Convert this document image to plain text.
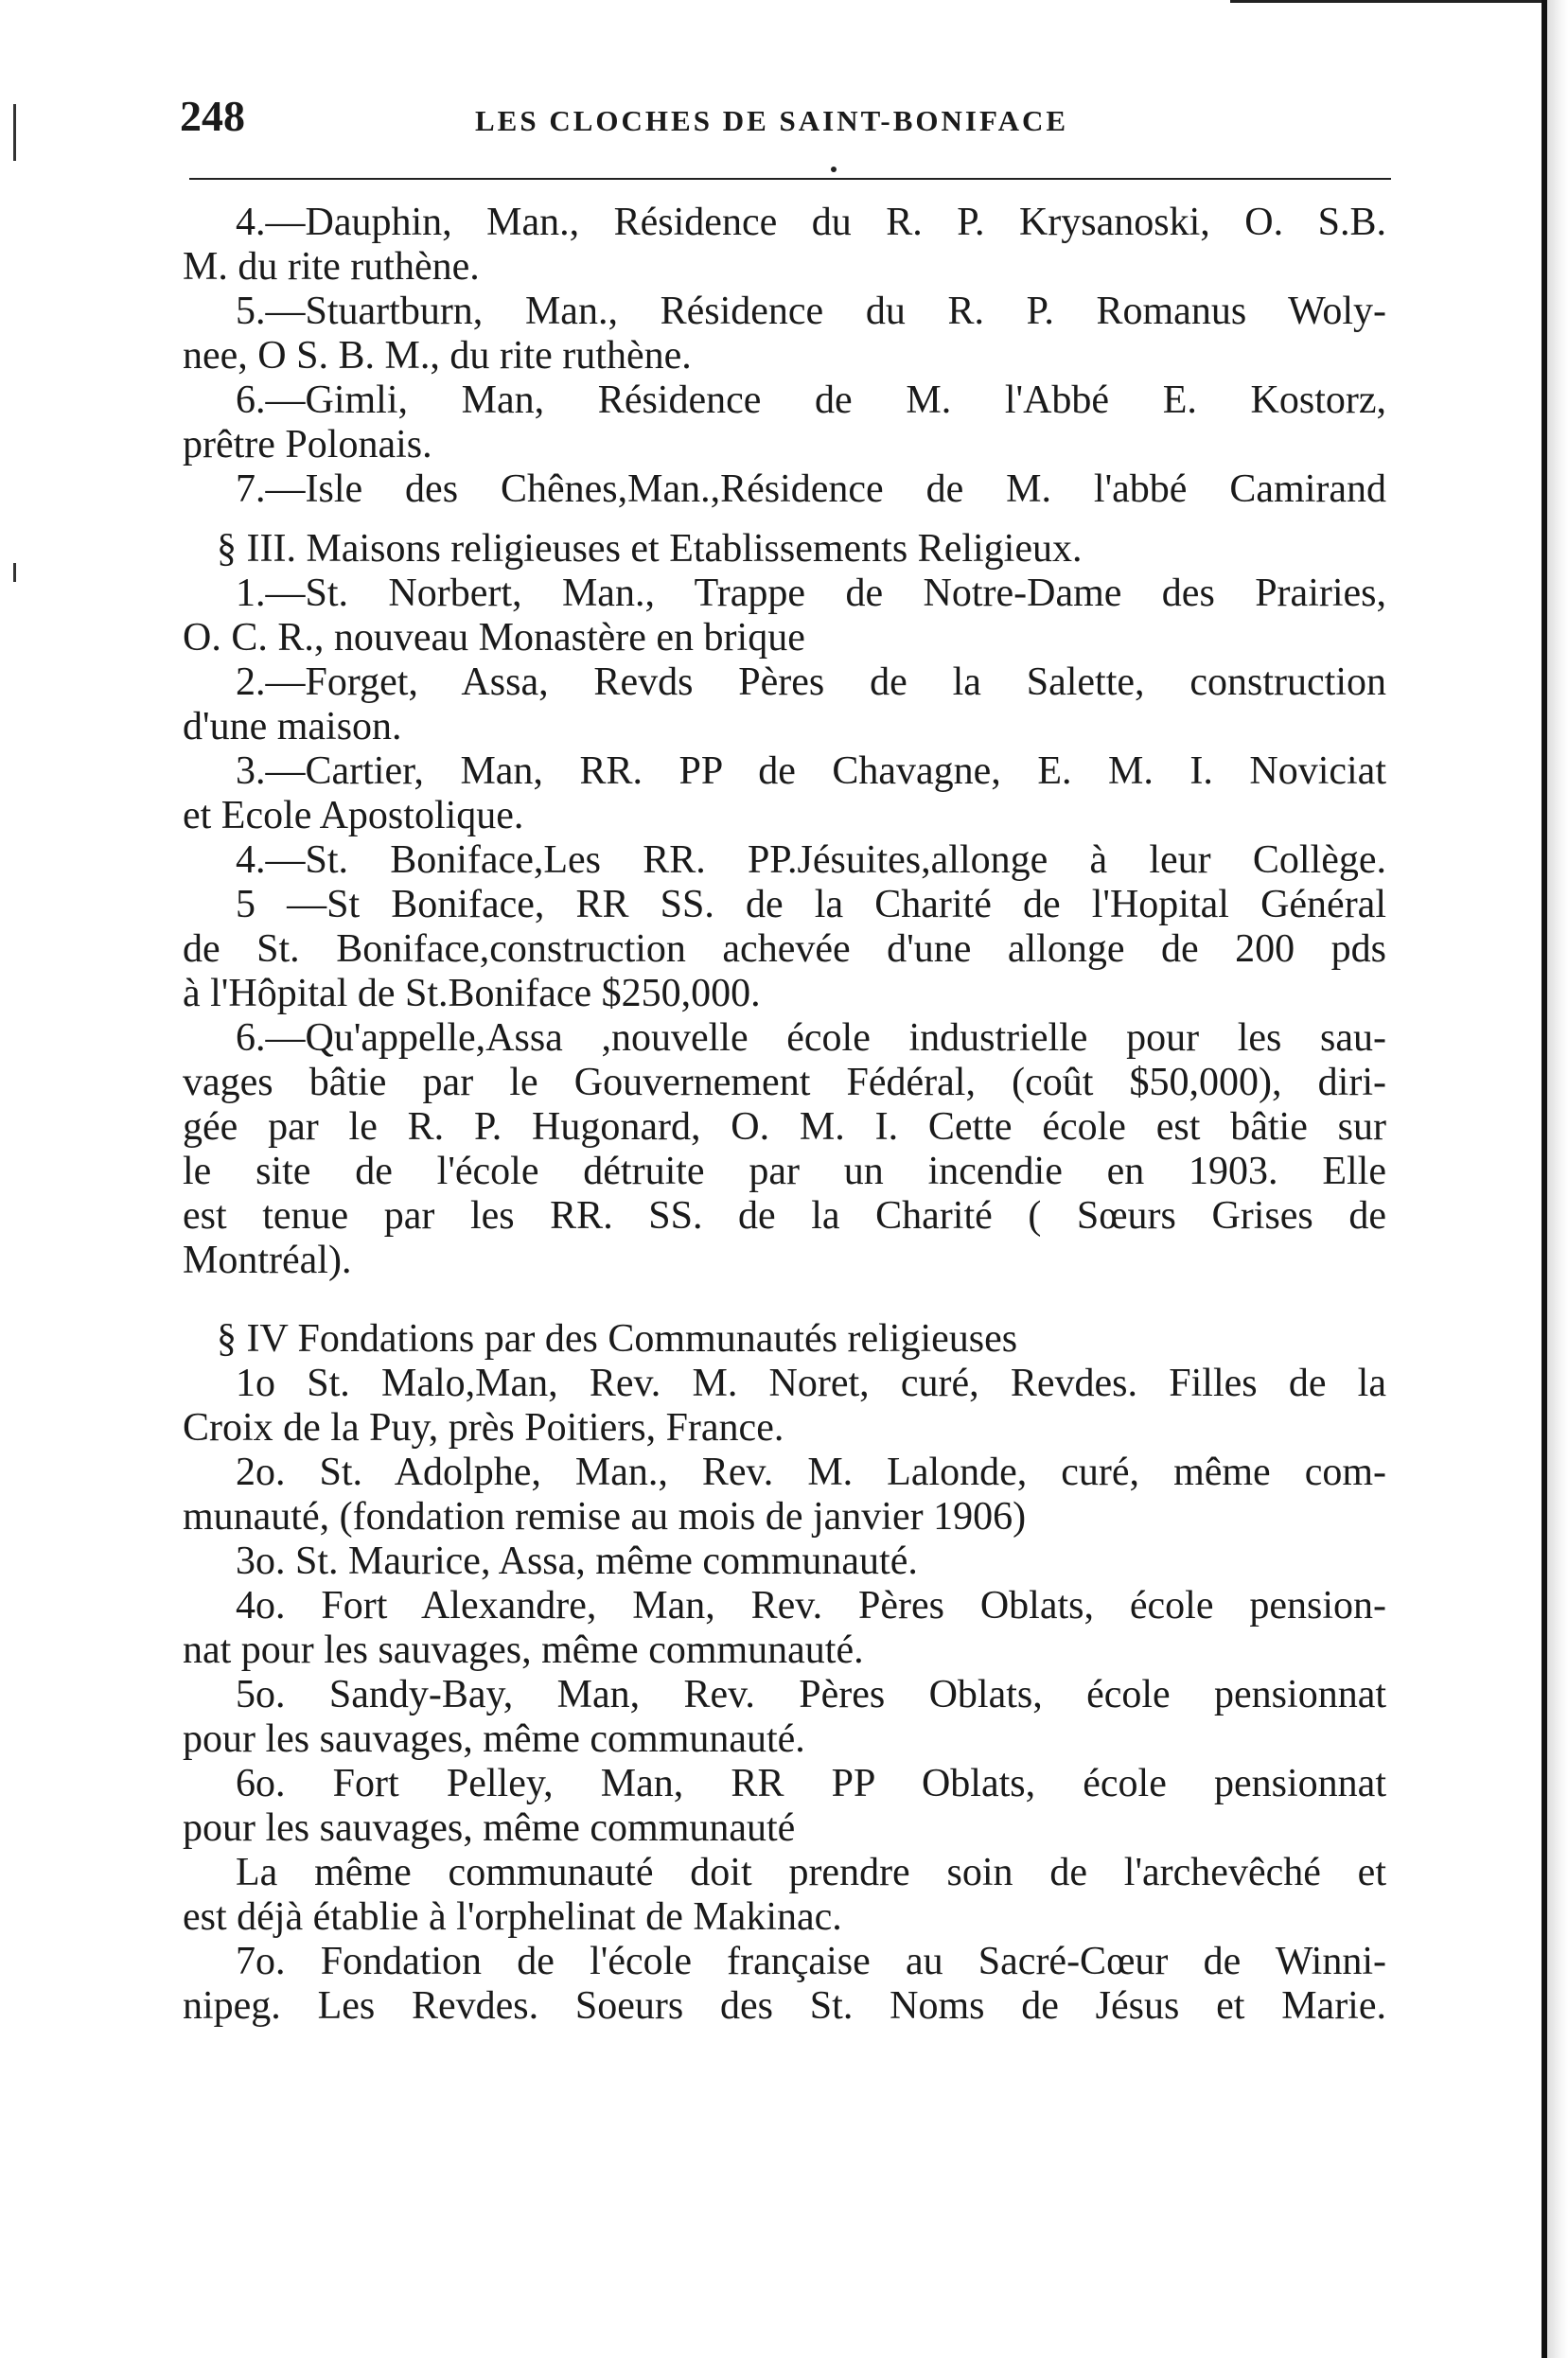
248	LES CLOCHES DE SAINT-BONIFACE
4.—Dauphin, Man., Résidence du R. P. Krysanoski, O. S.B.
M. du rite ruthène.
5.—Stuartburn, Man., Résidence du R. P. Romanus Woly-
nee, O S. B. M., du rite ruthène.
6.—Gimli, Man, Résidence de M. l'Abbé E. Kostorz,
prêtre Polonais.
7.—Isle des Chênes,Man.,Résidence de M. l'abbé Camirand
§ III. Maisons religieuses et Etablissements Religieux.
1.—St. Norbert, Man., Trappe de Notre-Dame des Prairies,
O. C. R., nouveau Monastère en brique
2.—Forget, Assa, Revds Pères de la Salette, construction
d'une maison.
3.—Cartier, Man, RR. PP de Chavagne, E. M. I. Noviciat
et Ecole Apostolique.
4.—St. Boniface,Les RR. PP.Jésuites,allonge à leur Collège.
5 —St Boniface, RR SS. de la Charité de l'Hopital Général
de St. Boniface,construction achevée d'une allonge de 200 pds
à l'Hôpital de St.Boniface $250,000.
6.—Qu'appelle,Assa ,nouvelle école industrielle pour les sau-
vages bâtie par le Gouvernement Fédéral, (coût $50,000), diri-
gée par le R. P. Hugonard, O. M. I. Cette école est bâtie sur
le site de l'école détruite par un incendie en 1903. Elle
est tenue par les RR. SS. de la Charité ( Sœurs Grises de
Montréal).
§ IV Fondations par des Communautés religieuses
1o St. Malo,Man, Rev. M. Noret, curé, Revdes. Filles de la
Croix de la Puy, près Poitiers, France.
2o. St. Adolphe, Man., Rev. M. Lalonde, curé, même com-
munauté, (fondation remise au mois de janvier 1906)
3o. St. Maurice, Assa, même communauté.
4o. Fort Alexandre, Man, Rev. Pères Oblats, école pension-
nat pour les sauvages, même communauté.
5o. Sandy-Bay, Man, Rev. Pères Oblats, école pensionnat
pour les sauvages, même communauté.
6o. Fort Pelley, Man, RR PP Oblats, école pensionnat
pour les sauvages, même communauté
La même communauté doit prendre soin de l'archevêché et
est déjà établie à l'orphelinat de Makinac.
7o. Fondation de l'école française au Sacré-Cœur de Winni-
nipeg. Les Revdes. Soeurs des St. Noms de Jésus et Marie.
